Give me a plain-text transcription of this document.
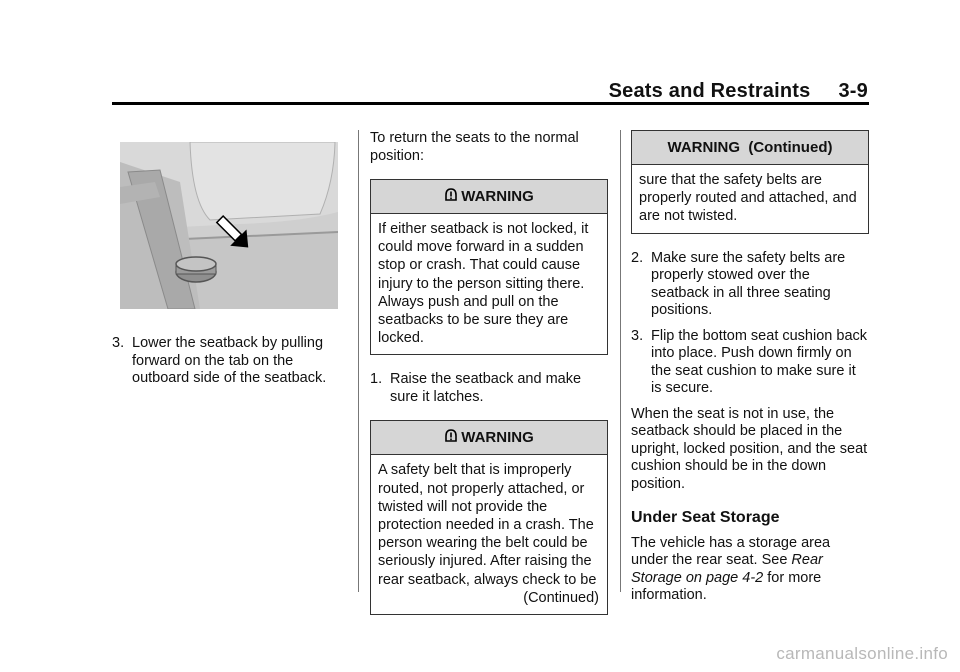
Seats and Restraints 3-9

3. Lower the seatback by pulling forward on the tab on the outboard side of the seatback.

To return the seats to the normal position:

WARNING
If either seatback is not locked, it could move forward in a sudden stop or crash. That could cause injury to the person sitting there. Always push and pull on the seatbacks to be sure they are locked.

1. Raise the seatback and make sure it latches.

WARNING
A safety belt that is improperly routed, not properly attached, or twisted will not provide the protection needed in a crash. The person wearing the belt could be seriously injured. After raising the rear seatback, always check to be
(Continued)
WARNING  (Continued)
sure that the safety belts are properly routed and attached, and are not twisted.

2. Make sure the safety belts are properly stowed over the seatback in all three seating positions.

3. Flip the bottom seat cushion back into place. Push down firmly on the seat cushion to make sure it is secure.

When the seat is not in use, the seatback should be placed in the upright, locked position, and the seat cushion should be in the down position.

Under Seat Storage

The vehicle has a storage area under the rear seat. See Rear Storage on page 4-2 for more information.

carmanualsonline.info
